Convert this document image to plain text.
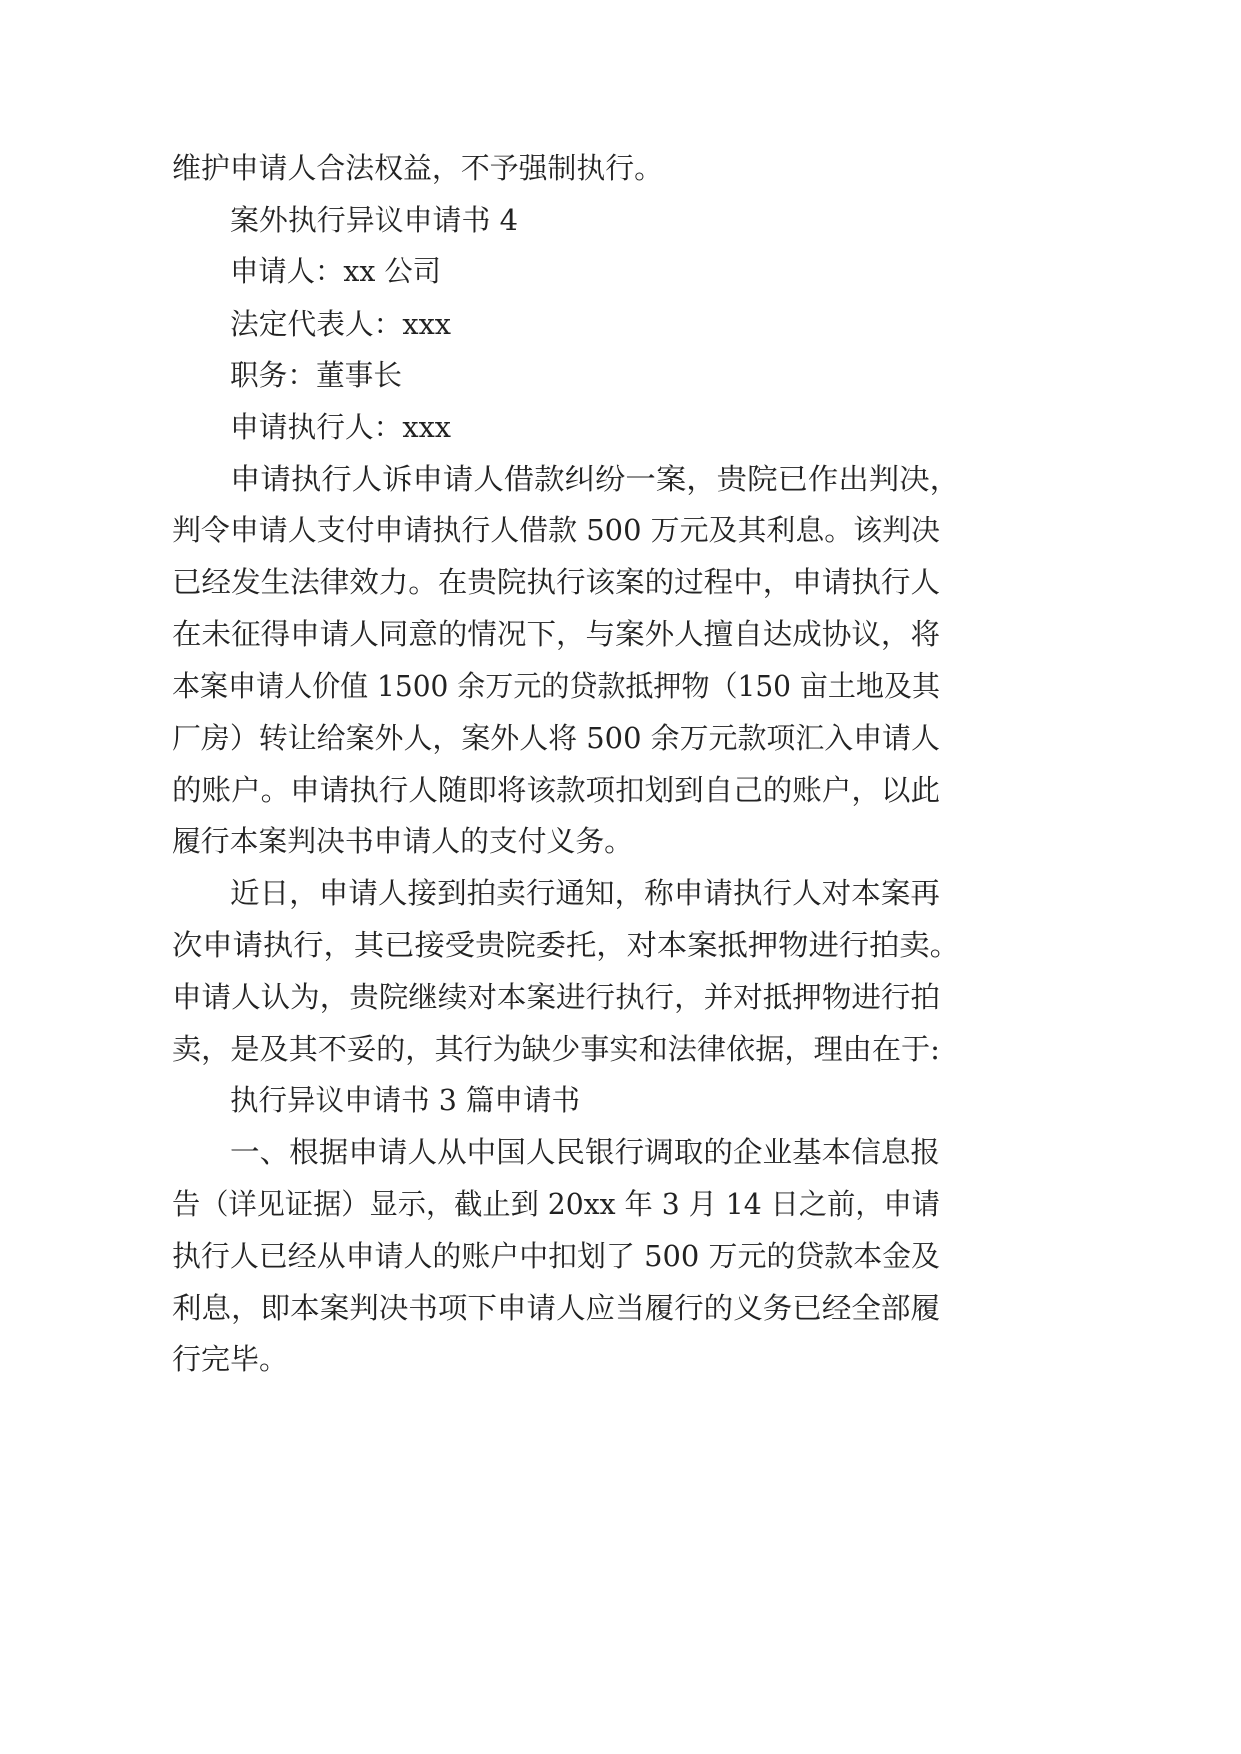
维护申请人合法权益，不予强制执行。
案外执行异议申请书 4
申请人：xx 公司
法定代表人：xxx
职务：董事长
申请执行人：xxx
申请执行人诉申请人借款纠纷一案，贵院已作出判决，
判令申请人支付申请执行人借款 500 万元及其利息。该判决
已经发生法律效力。在贵院执行该案的过程中，申请执行人
在未征得申请人同意的情况下，与案外人擅自达成协议，将
本案申请人价值 1500 余万元的贷款抵押物（150 亩土地及其
厂房）转让给案外人，案外人将 500 余万元款项汇入申请人
的账户。申请执行人随即将该款项扣划到自己的账户，以此
履行本案判决书申请人的支付义务。
近日，申请人接到拍卖行通知，称申请执行人对本案再
次申请执行，其已接受贵院委托，对本案抵押物进行拍卖。
申请人认为，贵院继续对本案进行执行，并对抵押物进行拍
卖，是及其不妥的，其行为缺少事实和法律依据，理由在于:
执行异议申请书 3 篇申请书
一、根据申请人从中国人民银行调取的企业基本信息报
告（详见证据）显示，截止到 20xx 年 3 月 14 日之前，申请
执行人已经从申请人的账户中扣划了 500 万元的贷款本金及
利息，即本案判决书项下申请人应当履行的义务已经全部履
行完毕。
